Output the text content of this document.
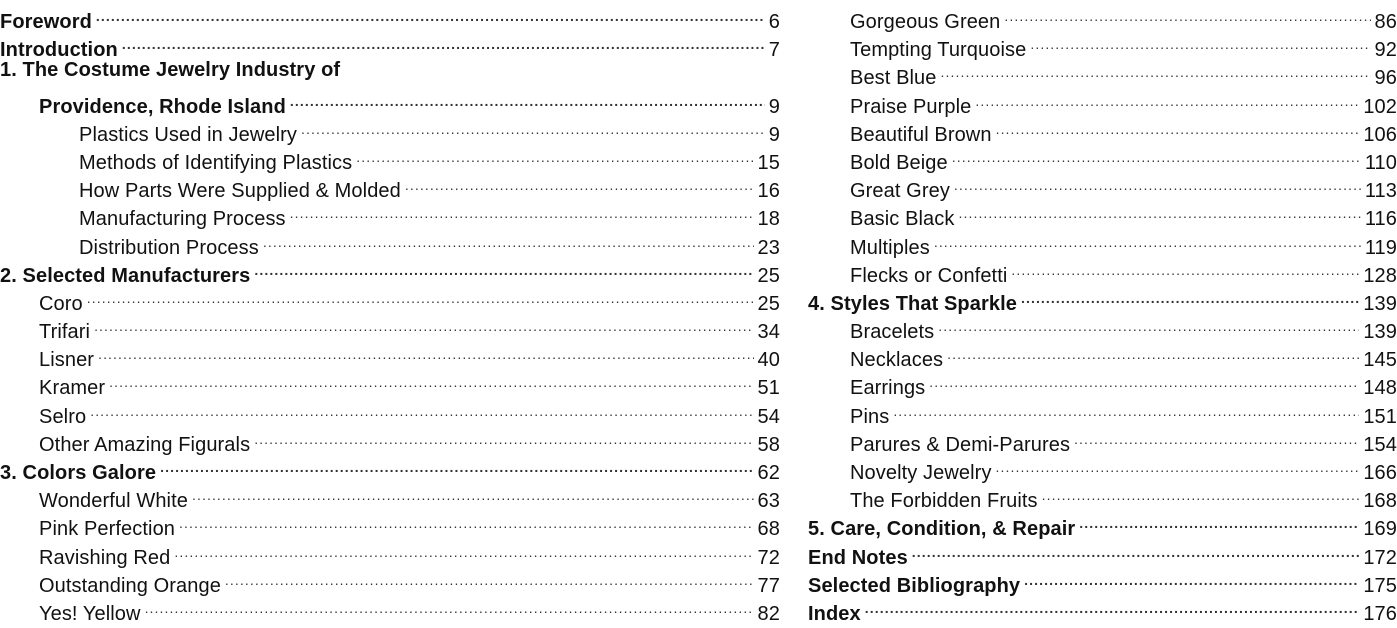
Foreword .....	6
Introduction .....	7
1. The Costume Jewelry Industry of
Providence, Rhode Island .....	9
Plastics Used in Jewelry .....	9
Methods of Identifying Plastics .....	15
How Parts Were Supplied & Molded .....	16
Manufacturing Process .....	18
Distribution Process .....	23
2. Selected Manufacturers .....	25
Coro .....	25
Trifari .....	34
Lisner .....	40
Kramer .....	51
Selro .....	54
Other Amazing Figurals .....	58
3. Colors Galore .....	62
Wonderful White .....	63
Pink Perfection .....	68
Ravishing Red .....	72
Outstanding Orange .....	77
Yes! Yellow .....	82
Gorgeous Green .....	86
Tempting Turquoise .....	92
Best Blue .....	96
Praise Purple .....	102
Beautiful Brown .....	106
Bold Beige .....	110
Great Grey .....	113
Basic Black .....	116
Multiples .....	119
Flecks or Confetti .....	128
4. Styles That Sparkle .....	139
Bracelets .....	139
Necklaces .....	145
Earrings .....	148
Pins .....	151
Parures & Demi-Parures .....	154
Novelty Jewelry .....	166
The Forbidden Fruits .....	168
5. Care, Condition, & Repair .....	169
End Notes .....	172
Selected Bibliography .....	175
Index .....	176
